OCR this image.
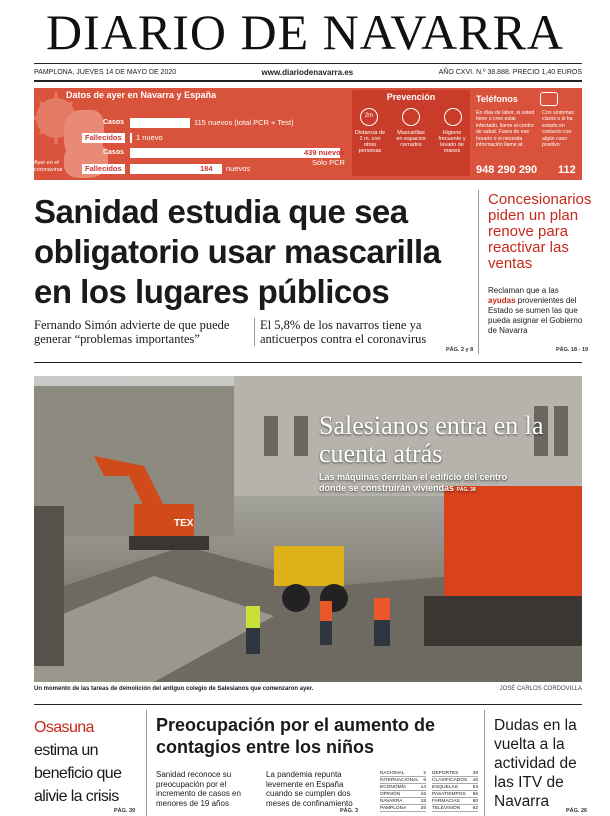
DIARIO DE NAVARRA
PAMPLONA, JUEVES 14 DE MAYO DE 2020	www.diariodenavarra.es	AÑO CXVI. N.º 38.888. PRECIO 1,40 EUROS
Datos de ayer en Navarra y España
Ayer en el coronavirus
Casos	115 nuevos (total PCR + Test)
Fallecidos	1 nuevo
Casos	439 nuevos
Sólo PCR
Fallecidos	184 nuevos
Prevención
2m
Distancia de 2 m. con otras personas
Mascarillas en espacios cerrados
Higiene frecuente y lavado de manos
Teléfonos
En días de labor, si usted tiene o cree estar infectado, llame al centro de salud. Fuera de ese horario o si necesita información llame al:
948 290 290
Con síntomas claros o si ha estado en contacto con algún caso positivo:
112
Sanidad estudia que sea obligatorio usar mascarilla en los lugares públicos
Fernando Simón advierte de que puede generar “problemas importantes”
El 5,8% de los navarros tiene ya anticuerpos contra el coronavirus
PÁG. 2 y 8
Concesionarios piden un plan renove para reactivar las ventas
Reclaman que a las ayudas provenientes del Estado se sumen las que pueda asignar el Gobierno de Navarra
PÁG. 18 - 19
TEX
Salesianos entra en la cuenta atrás
Las máquinas derriban el edificio del centro donde se construirán viviendas PÁG. 38
Un momento de las tareas de demolición del antiguo colegio de Salesianos que comenzaron ayer.	JOSÉ CARLOS CORDOVILLA
Osasuna estima un beneficio que alivie la crisis
PÁG. 39
Preocupación por el aumento de contagios entre los niños
Sanidad reconoce su preocupación por el incremento de casos en menores de 19 años
La pandemia repunta levemente en España cuando se cumplen dos meses de confinamiento
PÁG. 3
NACIONAL	2
INTERNACIONAL 6
ECONOMÍA	14
OPINIÓN	16
NAVARRA	18
PAMPLONA	26
DEPORTES	38
CLASIFICADOS 46
ESQUELAS	53
PASATIEMPOS 56
FARMACIAS	60
TELEVISIÓN	62
Dudas en la vuelta a la actividad de las ITV de Navarra
PÁG. 26
